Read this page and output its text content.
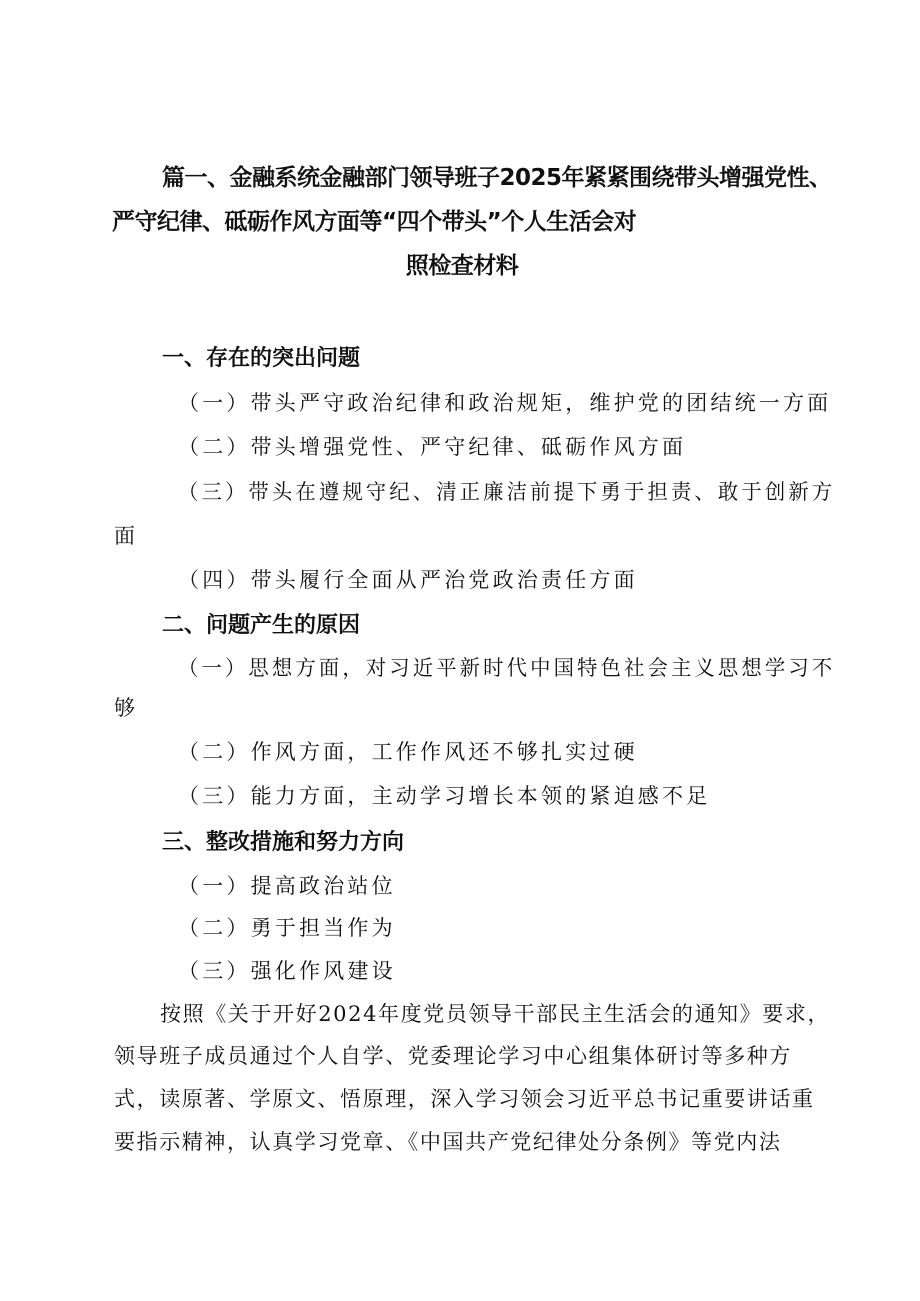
篇一、金融系统金融部门领导班子2025年紧紧围绕带头增强党性、
严守纪律、砥砺作风方面等“四个带头”个人生活会对
照检查材料
一、存在的突出问题
（一）带头严守政治纪律和政治规矩，维护党的团结统一方面
（二）带头增强党性、严守纪律、砥砺作风方面
（三）带头在遵规守纪、清正廉洁前提下勇于担责、敢于创新方
面
（四）带头履行全面从严治党政治责任方面
二、问题产生的原因
（一）思想方面，对习近平新时代中国特色社会主义思想学习不
够
（二）作风方面，工作作风还不够扎实过硬
（三）能力方面，主动学习增长本领的紧迫感不足
三、整改措施和努力方向
（一）提高政治站位
（二）勇于担当作为
（三）强化作风建设
按照《关于开好2024年度党员领导干部民主生活会的通知》要求，
领导班子成员通过个人自学、党委理论学习中心组集体研讨等多种方
式，读原著、学原文、悟原理，深入学习领会习近平总书记重要讲话重
要指示精神，认真学习党章、《中国共产党纪律处分条例》等党内法
